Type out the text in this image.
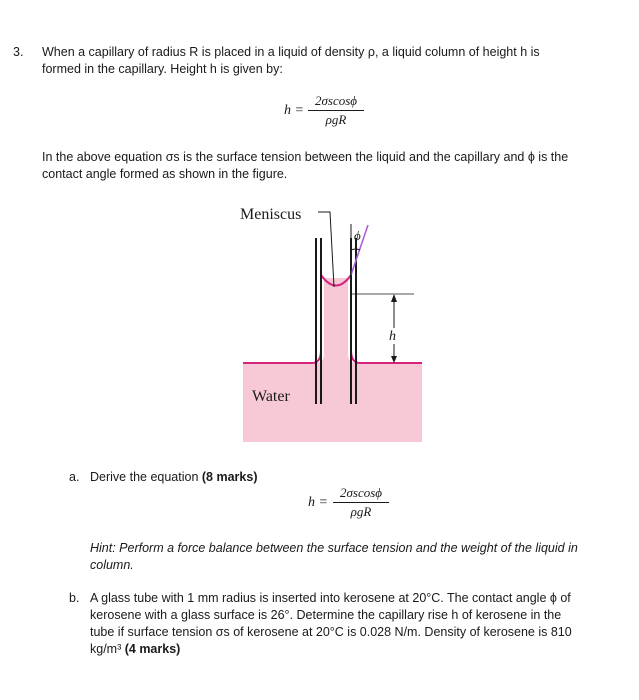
3. When a capillary of radius R is placed in a liquid of density ρ, a liquid column of height h is
formed in the capillary. Height h is given by:
h =
2σscosϕ
ρgR
In the above equation σs is the surface tension between the liquid and the capillary and ϕ is the
contact angle formed as shown in the figure.
Meniscus
Water
ϕ
h
a. Derive the equation (8 marks)
h =
2σscosϕ
ρgR
Hint: Perform a force balance between the surface tension and the weight of the liquid in
column.
b. A glass tube with 1 mm radius is inserted into kerosene at 20°C. The contact angle ϕ of
kerosene with a glass surface is 26°. Determine the capillary rise h of kerosene in the
tube if surface tension σs of kerosene at 20°C is 0.028 N/m. Density of kerosene is 810
kg/m³ (4 marks)
